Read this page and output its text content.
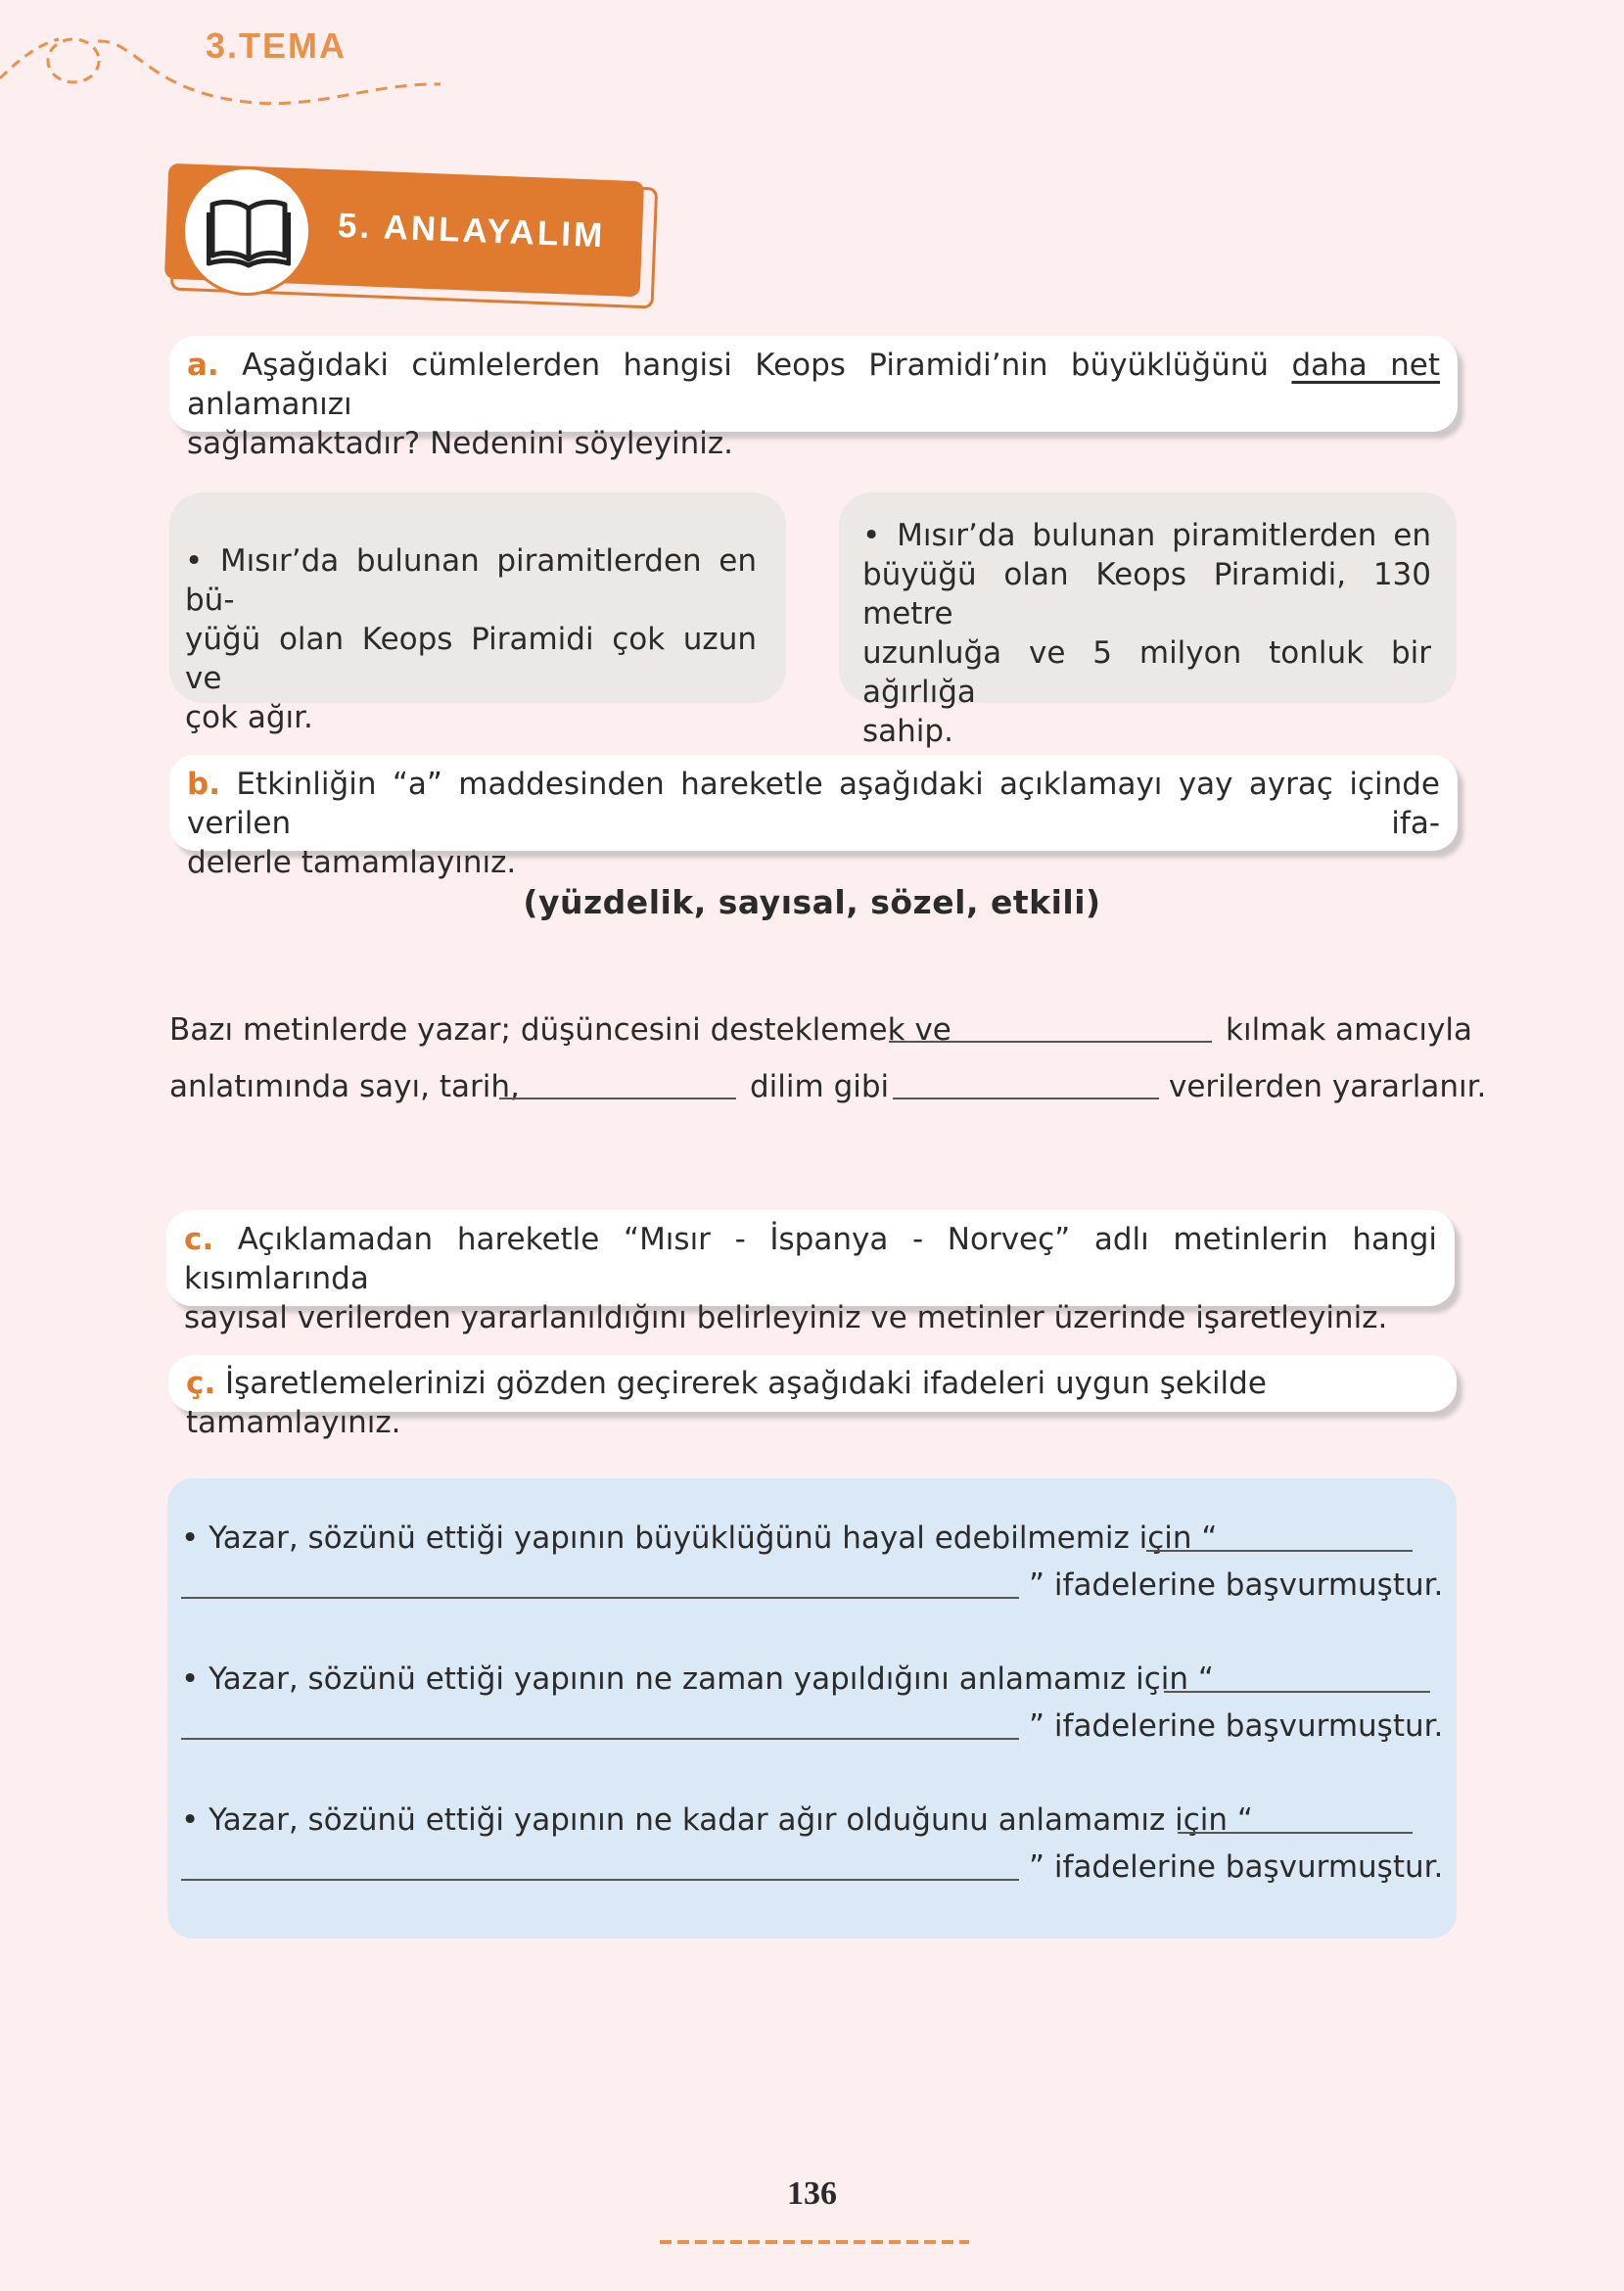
3.TEMA
5. ANLAYALIM
a. Aşağıdaki cümlelerden hangisi Keops Piramidi’nin büyüklüğünü daha net anlamanızı
sağlamaktadır? Nedenini söyleyiniz.
• Mısır’da bulunan piramitlerden en bü-
yüğü olan Keops Piramidi çok uzun ve
çok ağır.
• Mısır’da bulunan piramitlerden en
büyüğü olan Keops Piramidi, 130 metre
uzunluğa ve 5 milyon tonluk bir ağırlığa
sahip.
b. Etkinliğin “a” maddesinden hareketle aşağıdaki açıklamayı yay ayraç içinde verilen ifa-
delerle tamamlayınız.
(yüzdelik, sayısal, sözel, etkili)
Bazı metinlerde yazar; düşüncesini desteklemek ve	kılmak amacıyla
anlatımında sayı, tarih,	dilim gibi	verilerden yararlanır.
c. Açıklamadan hareketle “Mısır - İspanya - Norveç” adlı metinlerin hangi kısımlarında
sayısal verilerden yararlanıldığını belirleyiniz ve metinler üzerinde işaretleyiniz.
ç. İşaretlemelerinizi gözden geçirerek aşağıdaki ifadeleri uygun şekilde tamamlayınız.
• Yazar, sözünü ettiği yapının büyüklüğünü hayal edebilmemiz için “
” ifadelerine başvurmuştur.
• Yazar, sözünü ettiği yapının ne zaman yapıldığını anlamamız için “
” ifadelerine başvurmuştur.
• Yazar, sözünü ettiği yapının ne kadar ağır olduğunu anlamamız için “
” ifadelerine başvurmuştur.
136
